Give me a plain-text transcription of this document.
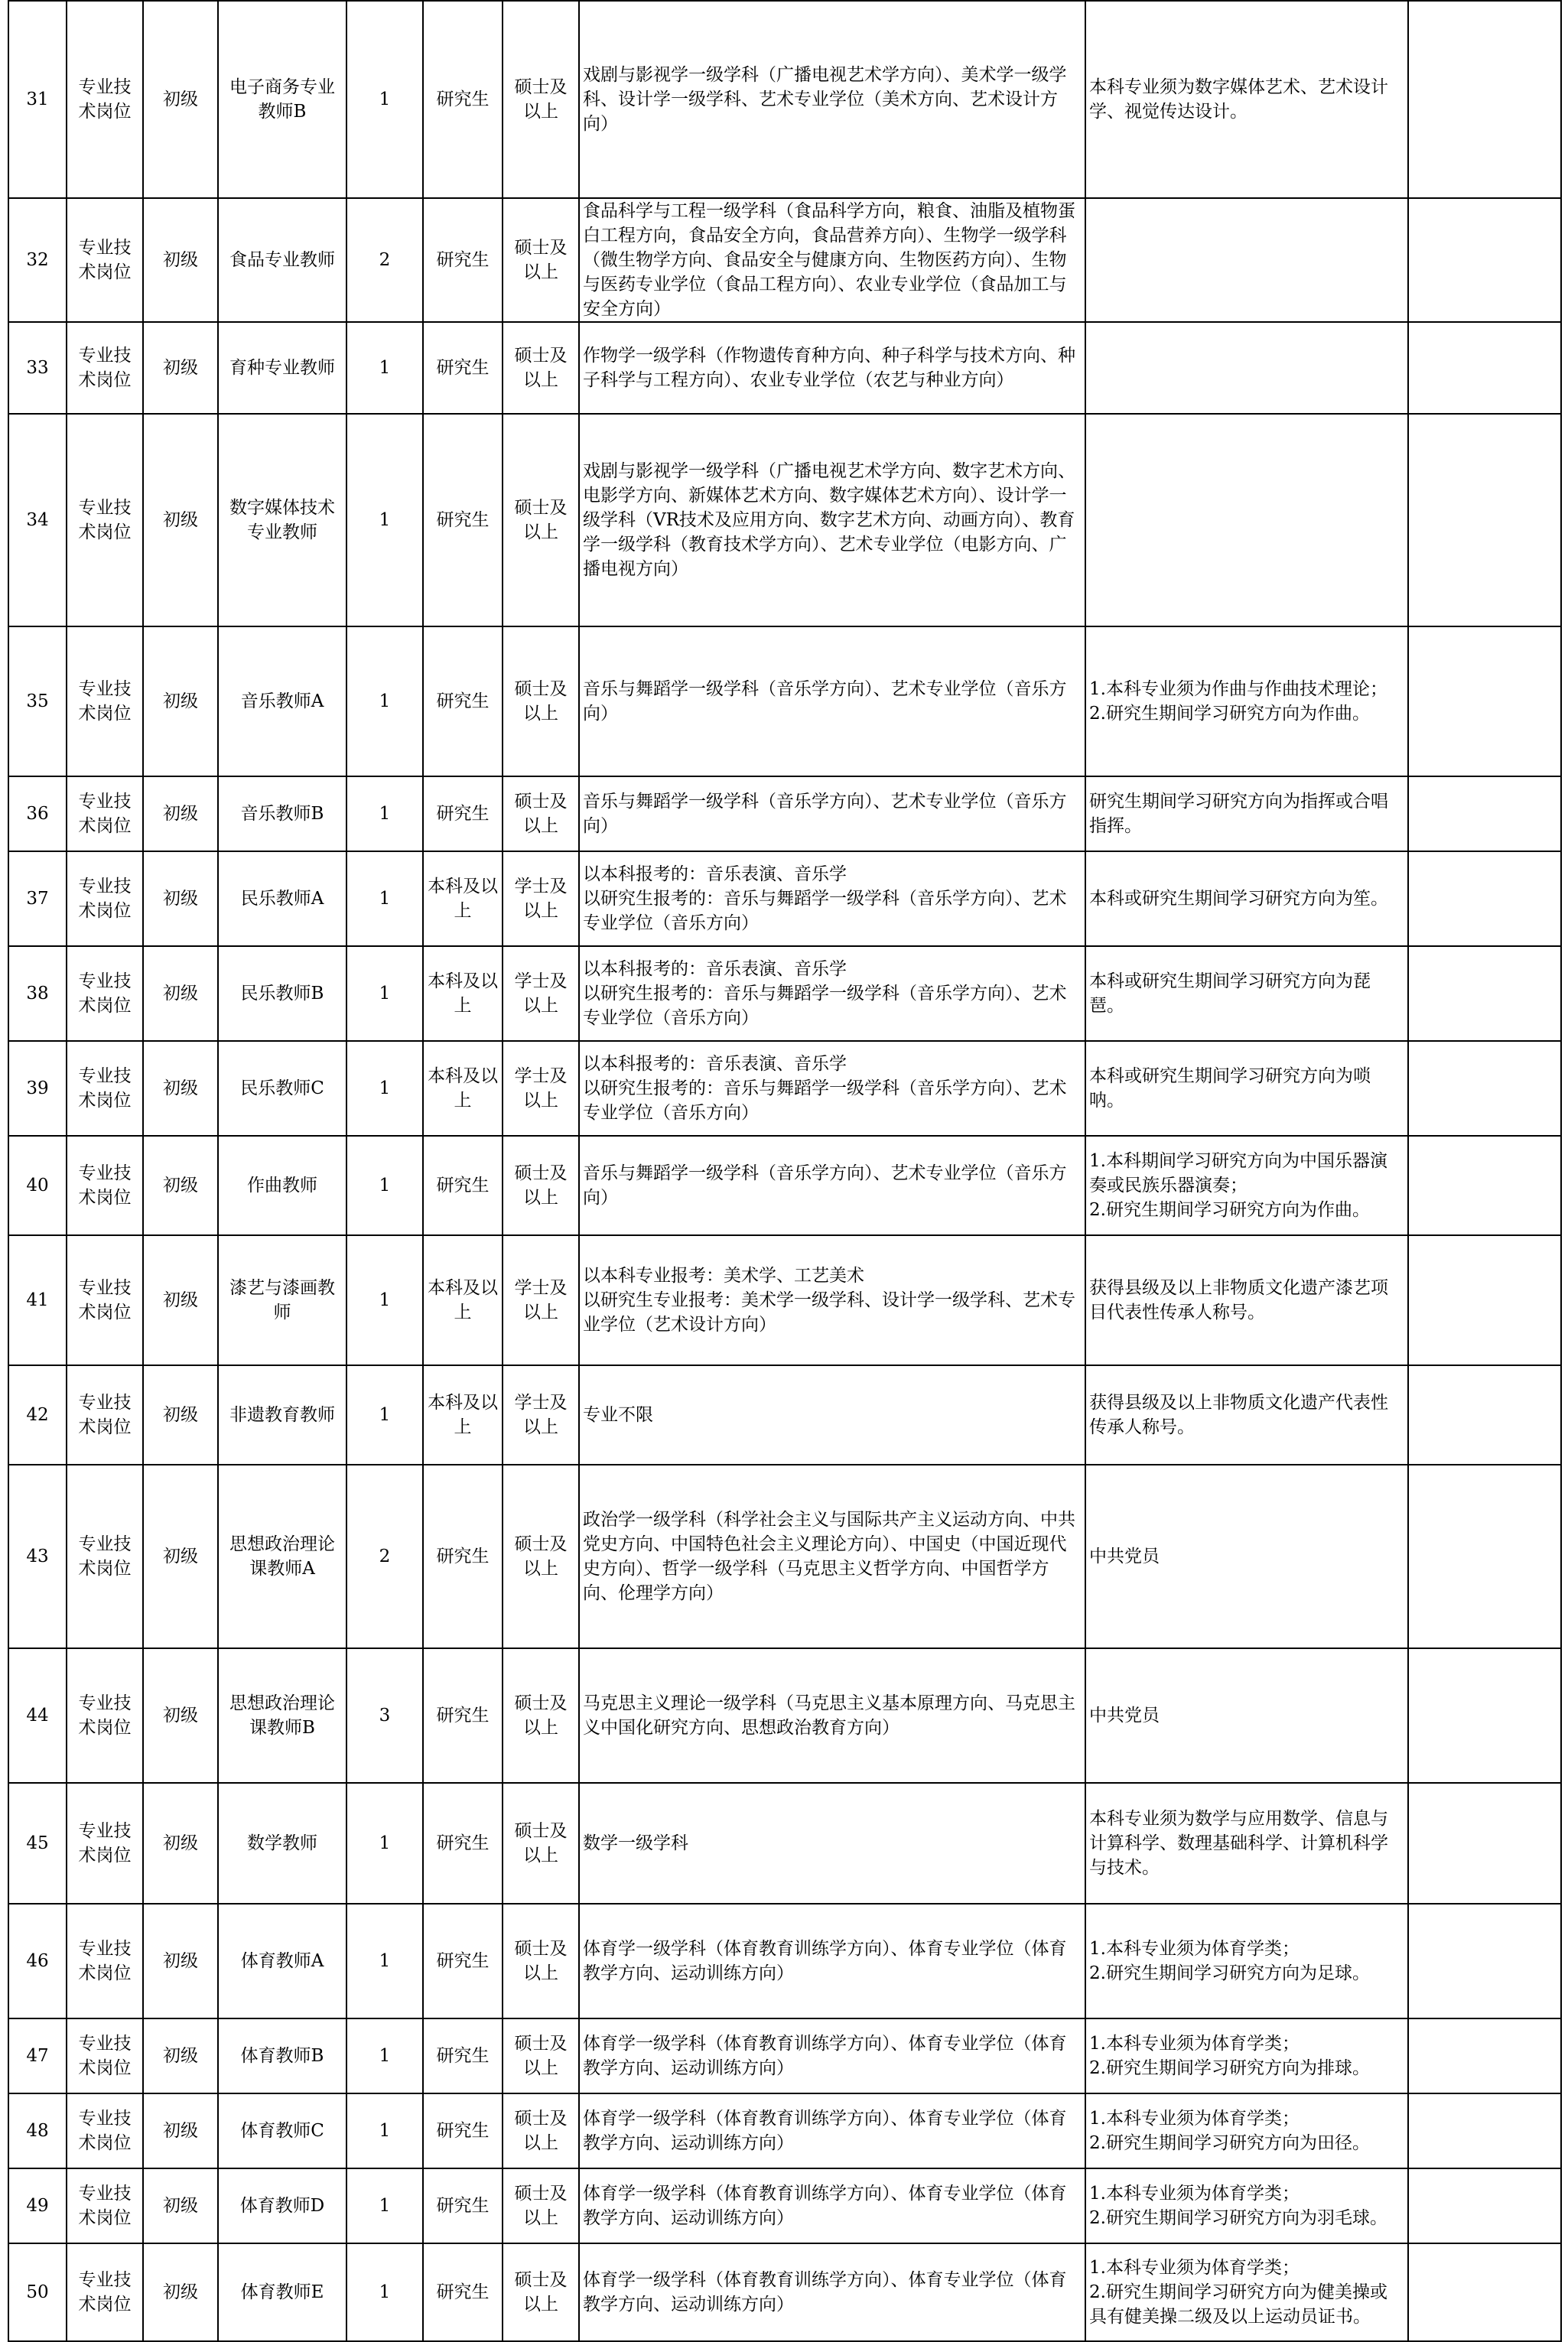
31	专业技术岗位	初级	电子商务专业教师B	1	研究生	硕士及以上	戏剧与影视学一级学科（广播电视艺术学方向）、美术学一级学科、设计学一级学科、艺术专业学位（美术方向、艺术设计方向）	本科专业须为数字媒体艺术、艺术设计学、视觉传达设计。	
32	专业技术岗位	初级	食品专业教师	2	研究生	硕士及以上	食品科学与工程一级学科（食品科学方向，粮食、油脂及植物蛋白工程方向，食品安全方向，食品营养方向）、生物学一级学科（微生物学方向、食品安全与健康方向、生物医药方向）、生物与医药专业学位（食品工程方向）、农业专业学位（食品加工与安全方向）		
33	专业技术岗位	初级	育种专业教师	1	研究生	硕士及以上	作物学一级学科（作物遗传育种方向、种子科学与技术方向、种子科学与工程方向）、农业专业学位（农艺与种业方向）		
34	专业技术岗位	初级	数字媒体技术专业教师	1	研究生	硕士及以上	戏剧与影视学一级学科（广播电视艺术学方向、数字艺术方向、电影学方向、新媒体艺术方向、数字媒体艺术方向）、设计学一级学科（VR技术及应用方向、数字艺术方向、动画方向）、教育学一级学科（教育技术学方向）、艺术专业学位（电影方向、广播电视方向）		
35	专业技术岗位	初级	音乐教师A	1	研究生	硕士及以上	音乐与舞蹈学一级学科（音乐学方向）、艺术专业学位（音乐方向）	1.本科专业须为作曲与作曲技术理论；
2.研究生期间学习研究方向为作曲。	
36	专业技术岗位	初级	音乐教师B	1	研究生	硕士及以上	音乐与舞蹈学一级学科（音乐学方向）、艺术专业学位（音乐方向）	研究生期间学习研究方向为指挥或合唱指挥。	
37	专业技术岗位	初级	民乐教师A	1	本科及以上	学士及以上	以本科报考的：音乐表演、音乐学
以研究生报考的：音乐与舞蹈学一级学科（音乐学方向）、艺术专业学位（音乐方向）	本科或研究生期间学习研究方向为笙。	
38	专业技术岗位	初级	民乐教师B	1	本科及以上	学士及以上	以本科报考的：音乐表演、音乐学
以研究生报考的：音乐与舞蹈学一级学科（音乐学方向）、艺术专业学位（音乐方向）	本科或研究生期间学习研究方向为琵琶。	
39	专业技术岗位	初级	民乐教师C	1	本科及以上	学士及以上	以本科报考的：音乐表演、音乐学
以研究生报考的：音乐与舞蹈学一级学科（音乐学方向）、艺术专业学位（音乐方向）	本科或研究生期间学习研究方向为唢呐。	
40	专业技术岗位	初级	作曲教师	1	研究生	硕士及以上	音乐与舞蹈学一级学科（音乐学方向）、艺术专业学位（音乐方向）	1.本科期间学习研究方向为中国乐器演奏或民族乐器演奏；
2.研究生期间学习研究方向为作曲。	
41	专业技术岗位	初级	漆艺与漆画教师	1	本科及以上	学士及以上	以本科专业报考：美术学、工艺美术
以研究生专业报考：美术学一级学科、设计学一级学科、艺术专业学位（艺术设计方向）	获得县级及以上非物质文化遗产漆艺项目代表性传承人称号。	
42	专业技术岗位	初级	非遗教育教师	1	本科及以上	学士及以上	专业不限	获得县级及以上非物质文化遗产代表性传承人称号。	
43	专业技术岗位	初级	思想政治理论课教师A	2	研究生	硕士及以上	政治学一级学科（科学社会主义与国际共产主义运动方向、中共党史方向、中国特色社会主义理论方向）、中国史（中国近现代史方向）、哲学一级学科（马克思主义哲学方向、中国哲学方向、伦理学方向）	中共党员	
44	专业技术岗位	初级	思想政治理论课教师B	3	研究生	硕士及以上	马克思主义理论一级学科（马克思主义基本原理方向、马克思主义中国化研究方向、思想政治教育方向）	中共党员	
45	专业技术岗位	初级	数学教师	1	研究生	硕士及以上	数学一级学科	本科专业须为数学与应用数学、信息与计算科学、数理基础科学、计算机科学与技术。	
46	专业技术岗位	初级	体育教师A	1	研究生	硕士及以上	体育学一级学科（体育教育训练学方向）、体育专业学位（体育教学方向、运动训练方向）	1.本科专业须为体育学类；
2.研究生期间学习研究方向为足球。	
47	专业技术岗位	初级	体育教师B	1	研究生	硕士及以上	体育学一级学科（体育教育训练学方向）、体育专业学位（体育教学方向、运动训练方向）	1.本科专业须为体育学类；
2.研究生期间学习研究方向为排球。	
48	专业技术岗位	初级	体育教师C	1	研究生	硕士及以上	体育学一级学科（体育教育训练学方向）、体育专业学位（体育教学方向、运动训练方向）	1.本科专业须为体育学类；
2.研究生期间学习研究方向为田径。	
49	专业技术岗位	初级	体育教师D	1	研究生	硕士及以上	体育学一级学科（体育教育训练学方向）、体育专业学位（体育教学方向、运动训练方向）	1.本科专业须为体育学类；
2.研究生期间学习研究方向为羽毛球。	
50	专业技术岗位	初级	体育教师E	1	研究生	硕士及以上	体育学一级学科（体育教育训练学方向）、体育专业学位（体育教学方向、运动训练方向）	1.本科专业须为体育学类；
2.研究生期间学习研究方向为健美操或具有健美操二级及以上运动员证书。	
